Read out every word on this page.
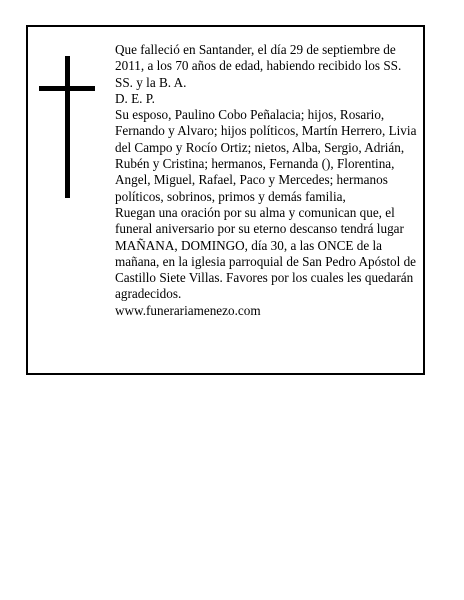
Que falleció en Santander, el día 29 de septiembre de 2011, a los 70 años de edad, habiendo recibido los SS. SS. y la B. A.

D. E. P.

Su esposo, Paulino Cobo Peñalacia; hijos, Rosario, Fernando y Alvaro; hijos políticos, Martín Herrero, Livia del Campo y Rocío Ortiz; nietos, Alba, Sergio, Adrián, Rubén y Cristina; hermanos, Fernanda (), Florentina, Angel, Miguel, Rafael, Paco y Mercedes; hermanos políticos, sobrinos, primos y demás familia,

Ruegan una oración por su alma y comunican que, el funeral aniversario por su eterno descanso tendrá lugar MAÑANA, DOMINGO, día 30, a las ONCE de la mañana, en la iglesia parroquial de San Pedro Apóstol de Castillo Siete Villas. Favores por los cuales les quedarán agradecidos.

www.funerariamenezo.com
